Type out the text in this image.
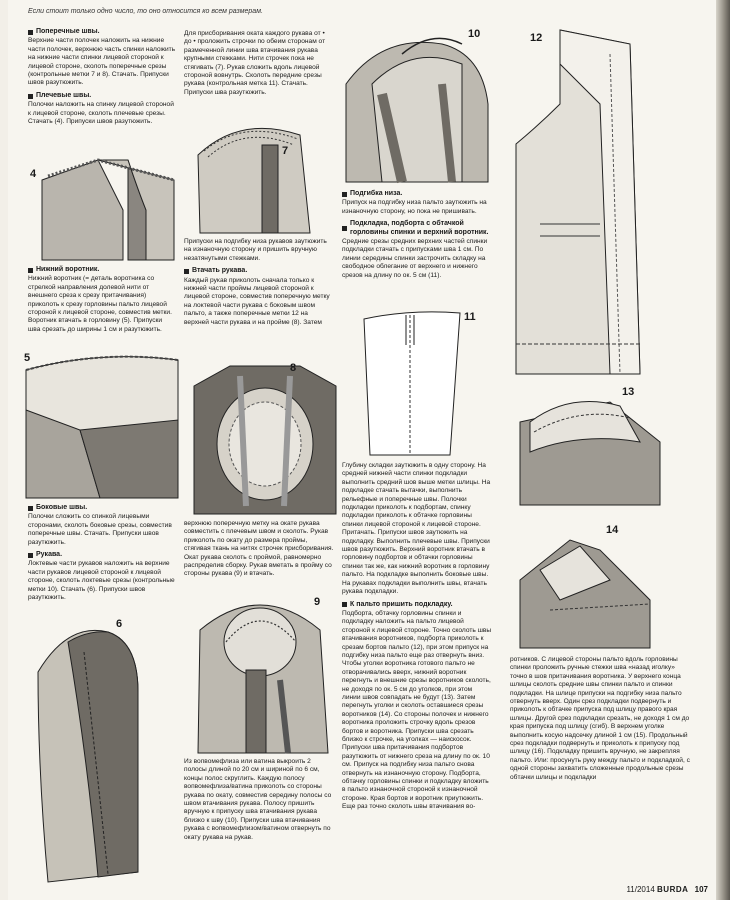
Если стоит только одно число, то оно относится ко всем размерам.
Поперечные швы.

Верхние части полочек наложить на нижние части полочек, верхнюю часть спинки наложить на нижние части спинки лицевой стороной к лицевой стороне, сколоть поперечные срезы (контрольные метки 7 и 8). Стачать. Припуски швов разутюжить.

Плечевые швы.

Полочки наложить на спинку лицевой стороной к лицевой стороне, сколоть плечевые срезы. Стачать (4). Припуски швов разутюжить.

4
Нижний воротник.

Нижний воротник (= деталь воротника со стрелкой направления долевой нити от внешнего среза к срезу притачивания) приколоть к срезу горловины пальто лицевой стороной к лицевой стороне, совместив метки. Воротник втачать в горловину (5). Припуски шва срезать до ширины 1 см и разутюжить.

5
Боковые швы.

Полочки сложить со спинкой лицевыми сторонами, сколоть боковые срезы, совместив поперечные швы. Стачать. Припуски швов разутюжить.

Рукава.

Локтевые части рукавов наложить на верхние части рукавов лицевой стороной к лицевой стороне, сколоть локтевые срезы (контрольные метки 10). Стачать (6). Припуски швов разутюжить.

6

Для присборивания оката каждого рукава от • до • проложить строчки по обеим сторонам от размеченной линии шва втачивания рукава крупными стежками. Нити строчек пока не стягивать (7). Рукав сложить вдоль лицевой стороной вовнутрь. Сколоть передние срезы рукава (контрольная метка 11). Стачать. Припуски шва разутюжить.

7

Припуски на подгибку низа рукавов заутюжить на изнаночную сторону и пришить вручную незатянутыми стежками.

Втачать рукава.

Каждый рукав приколоть сначала только к нижней части проймы лицевой стороной к лицевой стороне, совместив поперечную метку на локтевой части рукава с боковым швом пальто, а также поперечные метки 12 на верхней части рукава и на пройме (8). Затем

8

верхнюю поперечную метку на окате рукава совместить с плечевым швом и сколоть. Рукав приколоть по окату до размера проймы, стягивая ткань на нитях строчек присборивания. Окат рукава сколоть с проймой, равномерно распределив сборку. Рукав вметать в пройму со стороны рукава (9) и втачать.

9

Из вопвомефлиза или ватина выкроить 2 полосы длиной по 20 см и шириной по 6 см, концы полос скруглить. Каждую полосу вопвомефлиза/ватина приколоть со стороны рукава по окату, совместив середину полосы со швом втачивания рукава. Полосу пришить вручную к припуску шва втачивания рукава близко к шву (10). Припуски шва втачивания рукава с вопвомефлизом/ватином отвернуть по окату рукава на рукав.

10
Подгибка низа.

Припуск на подгибку низа пальто заутюжить на изнаночную сторону, но пока не пришивать.

Подкладка, подборта с обтачкой горловины спинки и верхний воротник.

Средние срезы средних верхних частей спинки подкладки стачать с припусками шва 1 см. По линии середины спинки застрочить складку на свободное облегание от верхнего и нижнего срезов на длину по ок. 5 см (11).

11

Глубину складки заутюжить в одну сторону. На средней нижней части спинки подкладки выполнить средний шов выше метки шлицы. На подкладке стачать вытачки, выполнить рельефные и поперечные швы. Полочки подкладки приколоть к подбортам, спинку подкладки приколоть к обтачке горловины спинки лицевой стороной к лицевой стороне. Притачать. Припуски швов заутюжить на подкладку. Выполнить плечевые швы. Припуски швов разутюжить. Верхний воротник втачать в горловину подбортов и обтачки горловины спинки так же, как нижний воротник в горловину пальто. На подкладке выполнить боковые швы. На рукавах подкладки выполнить швы, втачать рукава подкладки.

К пальто пришить подкладку.

Подборта, обтачку горловины спинки и подкладку наложить на пальто лицевой стороной к лицевой стороне. Точно сколоть швы втачивания воротников, подборта приколоть к срезам бортов пальто (12), при этом припуск на подгибку низа пальто еще раз отвернуть вниз. Чтобы уголки воротника готового пальто не отворачивались вверх, нижний воротник перегнуть и внешние срезы воротников сколоть, не доходя по ок. 5 см до уголков, при этом линии швов совпадать не будут (13). Затем перегнуть уголки и сколоть оставшиеся срезы воротников (14). Со стороны полочек и нижнего воротника проложить строчку вдоль срезов бортов и воротника. Припуски шва срезать близко к строчке, на уголках — наискосок. Припуски шва притачивания подбортов разутюжить от нижнего среза на длину по ок. 10 см. Припуск на подгибку низа пальто снова отвернуть на изнаночную сторону. Подборта, обтачку горловины спинки и подкладку вложить в пальто изнаночной стороной к изнаночной стороне. Края бортов и воротник приутюжить. Еще раз точно сколоть швы втачивания во-

12
13
14

ротников. С лицевой стороны пальто вдоль горловины спинки проложить ручные стежки шва «назад иголку» точно в шов притачивания воротника. У верхнего конца шлицы сколоть средние швы спинки пальто и спинки подкладки. На шлице припуски на подгибку низа пальто отвернуть вверх. Один срез подкладки подвернуть и приколоть к обтачке припуска под шлицу правого края шлицы. Другой срез подкладки срезать, не доходя 1 см до края припуска под шлицу (сгиб). В верхнем уголке выполнить косую надсечку длиной 1 см (15). Продольный срез подкладки подвернуть и приколоть к припуску под шлицу (16). Подкладку пришить вручную, не закрепляя пальто. Или: просунуть руку между пальто и подкладкой, с одной стороны захватить сложенные продольные срезы обтачки шлицы и подкладки

11/2014 BURDA 107
